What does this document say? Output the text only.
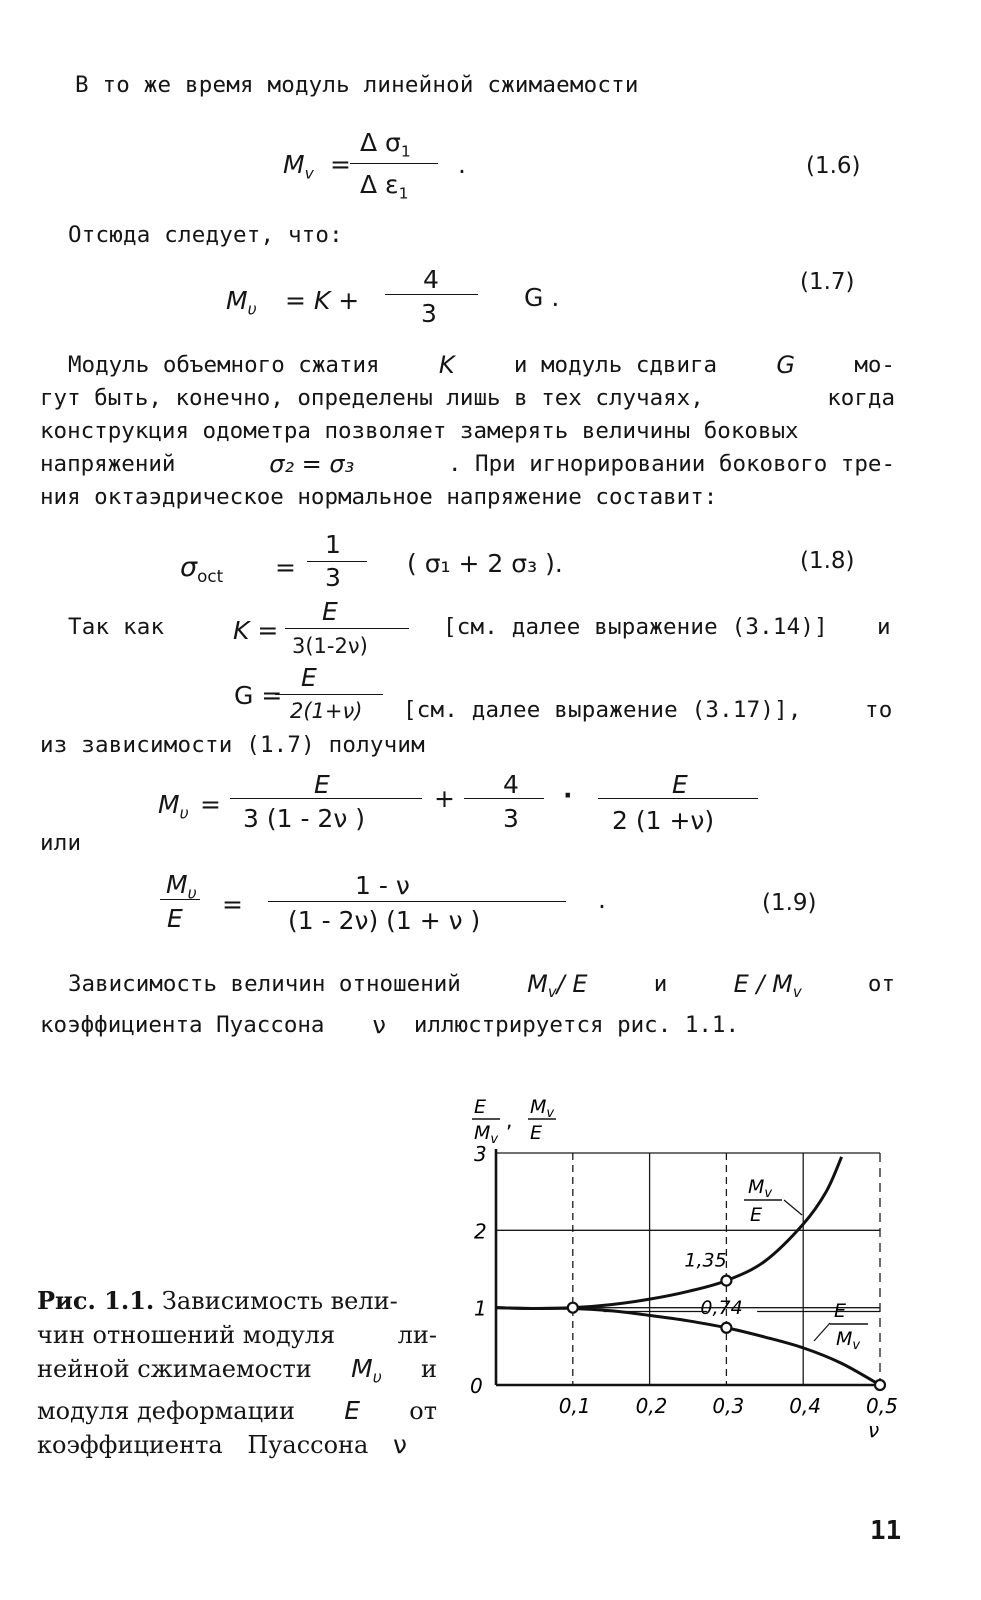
В то же время модуль линейной сжимаемости
$M_v$ =
Δ $\sigma_1$
Δ $\varepsilon_1$
.	(1.6)
Отсюда следует, что:
$M_\upsilon = K$ +
4
3
G .
(1.7)
Модуль объемного сжатия K	и модуль сдвига G	мо-
гут быть, конечно, определены лишь в тех случаях,	когда
конструкция одометра позволяет замерять величины боковых
напряжений	σ₂ = σ₃	. При игнорировании бокового тре-
ния октаэдрическое нормальное напряжение составит:
$\sigma_{oct}$ =
1
3	( σ₁ + 2 σ₃ ).	(1.8)
Так как	K =
E
3(1-2ν)
[см. далее выражение (3.14)] и
G =
E
2(1+ν) [см. далее выражение (3.17)],	то
из зависимости (1.7) получим
$M_\upsilon$ =
E
3 (1 - 2ν )
+ 4
3
·	E
2 (1 +ν)
или
$M_\upsilon$
E =
1 - ν
(1 - 2ν) (1 + ν )
.	(1.9)
Зависимость величин отношений	$M_v/$ E	и	E / $M_v$	от
коэффициента Пуассона ν иллюстрируется рис. 1.1.
Рис. 1.1. Зависимость вели-
чин отношений модуля	ли-
нейной сжимаемости $M_\upsilon$ и
модуля деформации E от
коэффициента Пуассона ν
0
0,1 0,2 0,3 0,4 0,5
1
2
3
ν
1,35
0,74
E
$M_v$
,
$M_v$
E
$M_v$
E
E
$M_v$
11
